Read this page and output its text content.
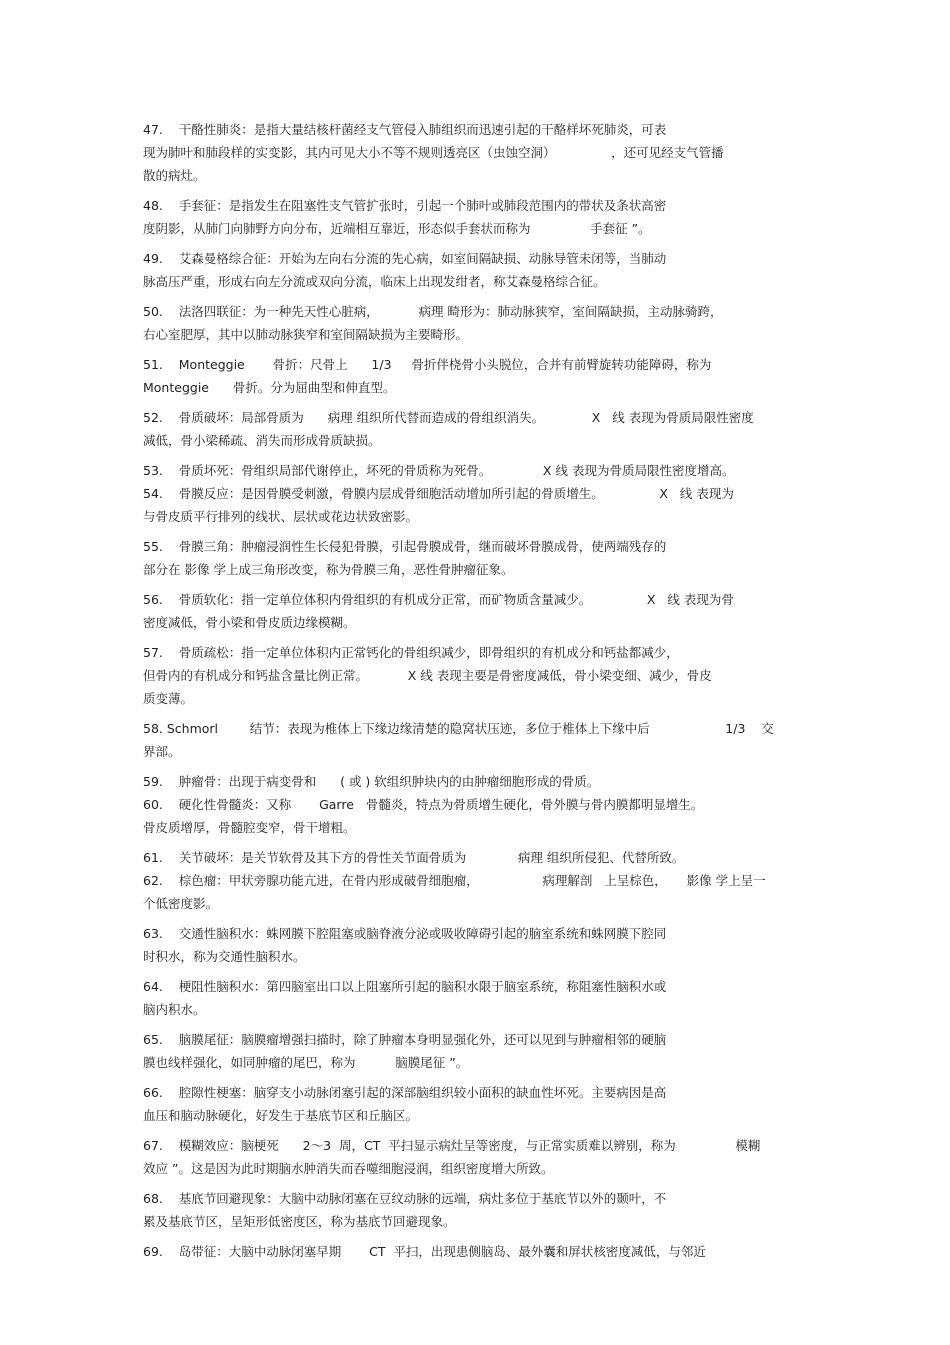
47.    干酪性肺炎：是指大量结核杆菌经支气管侵入肺组织而迅速引起的干酪样坏死肺炎，可表
现为肺叶和肺段样的实变影，其内可见大小不等不规则透亮区（虫蚀空洞）              ，还可见经支气管播
散的病灶。
48.    手套征：是指发生在阻塞性支气管扩张时，引起一个肺叶或肺段范围内的带状及条状高密
度阴影，从肺门向肺野方向分布，近端相互靠近，形态似手套状而称为               手套征 ”。
49.    艾森曼格综合征：开始为左向右分流的先心病，如室间隔缺损、动脉导管未闭等，当肺动
脉高压严重，形成右向左分流或双向分流，临床上出现发绀者，称艾森曼格综合征。
50.    法洛四联征：为一种先天性心脏病，          病理 畸形为：肺动脉狭窄，室间隔缺损，主动脉骑跨，
右心室肥厚，其中以肺动脉狭窄和室间隔缺损为主要畸形。
51.    Monteggie       骨折：尺骨上      1/3     骨折伴桡骨小头脱位，合并有前臂旋转功能障碍，称为
Monteggie      骨折。分为屈曲型和伸直型。
52.    骨质破坏：局部骨质为      病理 组织所代替而造成的骨组织消失。            X   线 表现为骨质局限性密度
减低，骨小梁稀疏、消失而形成骨质缺损。
53.    骨质坏死：骨组织局部代谢停止，坏死的骨质称为死骨。             X 线 表现为骨质局限性密度增高。
54.    骨膜反应：是因骨膜受刺激，骨膜内层成骨细胞活动增加所引起的骨质增生。              X   线 表现为
与骨皮质平行排列的线状、层状或花边状致密影。
55.    骨膜三角：肿瘤浸润性生长侵犯骨膜，引起骨膜成骨，继而破坏骨膜成骨，使两端残存的
部分在 影像 学上成三角形改变，称为骨膜三角，恶性骨肿瘤征象。
56.    骨质软化：指一定单位体积内骨组织的有机成分正常，而矿物质含量减少。              X   线 表现为骨
密度减低，骨小梁和骨皮质边缘模糊。
57.    骨质疏松：指一定单位体积内正常钙化的骨组织减少，即骨组织的有机成分和钙盐都减少，
但骨内的有机成分和钙盐含量比例正常。          X 线 表现主要是骨密度减低，骨小梁变细、减少，骨皮
质变薄。
58. Schmorl        结节：表现为椎体上下缘边缘清楚的隐窝状压迹，多位于椎体上下缘中后                   1/3    交
界部。
59.    肿瘤骨：出现于病变骨和      ( 或 ) 软组织肿块内的由肿瘤细胞形成的骨质。
60.    硬化性骨髓炎：又称       Garre   骨髓炎，特点为骨质增生硬化，骨外膜与骨内膜都明显增生。
骨皮质增厚，骨髓腔变窄，骨干增粗。
61.    关节破坏：是关节软骨及其下方的骨性关节面骨质为             病理 组织所侵犯、代替所致。
62.    棕色瘤：甲状旁腺功能亢进，在骨内形成破骨细胞瘤，                病理解剖   上呈棕色，     影像 学上呈一
个低密度影。
63.    交通性脑积水：蛛网膜下腔阻塞或脑脊液分泌或吸收障碍引起的脑室系统和蛛网膜下腔同
时积水，称为交通性脑积水。
64.    梗阻性脑积水：第四脑室出口以上阻塞所引起的脑积水限于脑室系统，称阻塞性脑积水或
脑内积水。
65.    脑膜尾征：脑膜瘤增强扫描时，除了肿瘤本身明显强化外，还可以见到与肿瘤相邻的硬脑
膜也线样强化，如同肿瘤的尾巴，称为          脑膜尾征 ”。
66.    腔隙性梗塞：脑穿支小动脉闭塞引起的深部脑组织较小面积的缺血性坏死。主要病因是高
血压和脑动脉硬化，好发生于基底节区和丘脑区。
67.    模糊效应：脑梗死      2～3  周，CT  平扫显示病灶呈等密度，与正常实质难以辨别，称为               模糊
效应 ”。这是因为此时期脑水肿消失而吞噬细胞浸润，组织密度增大所致。
68.    基底节回避现象：大脑中动脉闭塞在豆纹动脉的远端，病灶多位于基底节以外的颞叶，不
累及基底节区，呈矩形低密度区，称为基底节回避现象。
69.    岛带征：大脑中动脉闭塞早期       CT  平扫，出现患侧脑岛、最外囊和屏状核密度减低，与邻近
